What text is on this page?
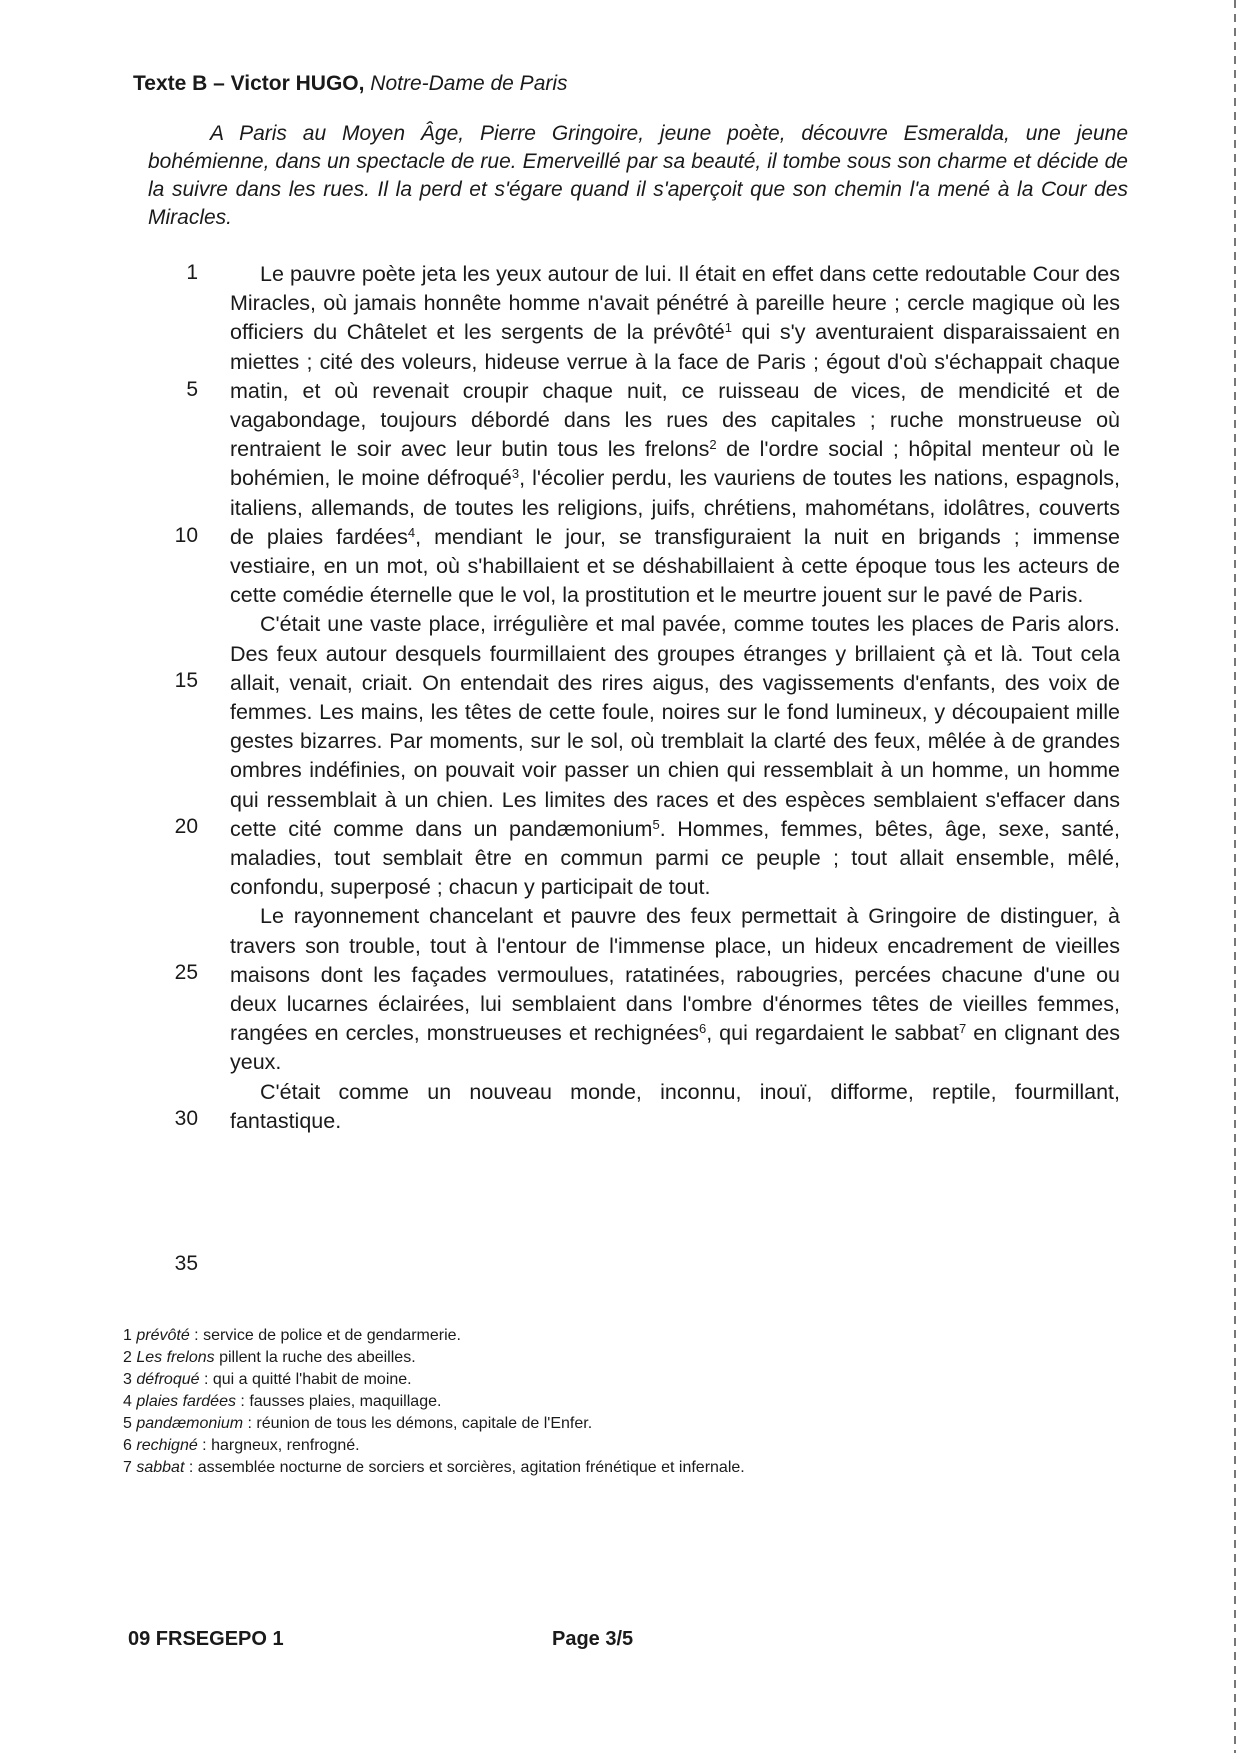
Texte B – Victor HUGO, Notre-Dame de Paris

A Paris au Moyen Âge, Pierre Gringoire, jeune poète, découvre Esmeralda, une jeune bohémienne, dans un spectacle de rue. Emerveillé par sa beauté, il tombe sous son charme et décide de la suivre dans les rues. Il la perd et s'égare quand il s'aperçoit que son chemin l'a mené à la Cour des Miracles.

Le pauvre poète jeta les yeux autour de lui. Il était en effet dans cette redoutable Cour des Miracles, où jamais honnête homme n'avait pénétré à pareille heure ; cercle magique où les officiers du Châtelet et les sergents de la prévôté$^1$ qui s'y aventuraient disparaissaient en miettes ; cité des voleurs, hideuse verrue à la face de Paris ; égout d'où s'échappait chaque matin, et où revenait croupir chaque nuit, ce ruisseau de vices, de mendicité et de vagabondage, toujours débordé dans les rues des capitales ; ruche monstrueuse où rentraient le soir avec leur butin tous les frelons$^2$ de l'ordre social ; hôpital menteur où le bohémien, le moine défroqué$^3$, l'écolier perdu, les vauriens de toutes les nations, espagnols, italiens, allemands, de toutes les religions, juifs, chrétiens, mahométans, idolâtres, couverts de plaies fardées$^4$, mendiant le jour, se transfiguraient la nuit en brigands ; immense vestiaire, en un mot, où s'habillaient et se déshabillaient à cette époque tous les acteurs de cette comédie éternelle que le vol, la prostitution et le meurtre jouent sur le pavé de Paris.

C'était une vaste place, irrégulière et mal pavée, comme toutes les places de Paris alors. Des feux autour desquels fourmillaient des groupes étranges y brillaient çà et là. Tout cela allait, venait, criait. On entendait des rires aigus, des vagissements d'enfants, des voix de femmes. Les mains, les têtes de cette foule, noires sur le fond lumineux, y découpaient mille gestes bizarres. Par moments, sur le sol, où tremblait la clarté des feux, mêlée à de grandes ombres indéfinies, on pouvait voir passer un chien qui ressemblait à un homme, un homme qui ressemblait à un chien. Les limites des races et des espèces semblaient s'effacer dans cette cité comme dans un pandæmonium$^5$. Hommes, femmes, bêtes, âge, sexe, santé, maladies, tout semblait être en commun parmi ce peuple ; tout allait ensemble, mêlé, confondu, superposé ; chacun y participait de tout.

Le rayonnement chancelant et pauvre des feux permettait à Gringoire de distinguer, à travers son trouble, tout à l'entour de l'immense place, un hideux encadrement de vieilles maisons dont les façades vermoulues, ratatinées, rabougries, percées chacune d'une ou deux lucarnes éclairées, lui semblaient dans l'ombre d'énormes têtes de vieilles femmes, rangées en cercles, monstrueuses et rechignées$^6$, qui regardaient le sabbat$^7$ en clignant des yeux.

C'était comme un nouveau monde, inconnu, inouï, difforme, reptile, fourmillant, fantastique.

1
5
10
15
20
25
30
35
1 prévôté : service de police et de gendarmerie.
2 Les frelons pillent la ruche des abeilles.
3 défroqué : qui a quitté l'habit de moine.
4 plaies fardées : fausses plaies, maquillage.
5 pandæmonium : réunion de tous les démons, capitale de l'Enfer.
6 rechigné : hargneux, renfrogné.
7 sabbat : assemblée nocturne de sorciers et sorcières, agitation frénétique et infernale.
09 FRSEGEPO 1	Page 3/5
